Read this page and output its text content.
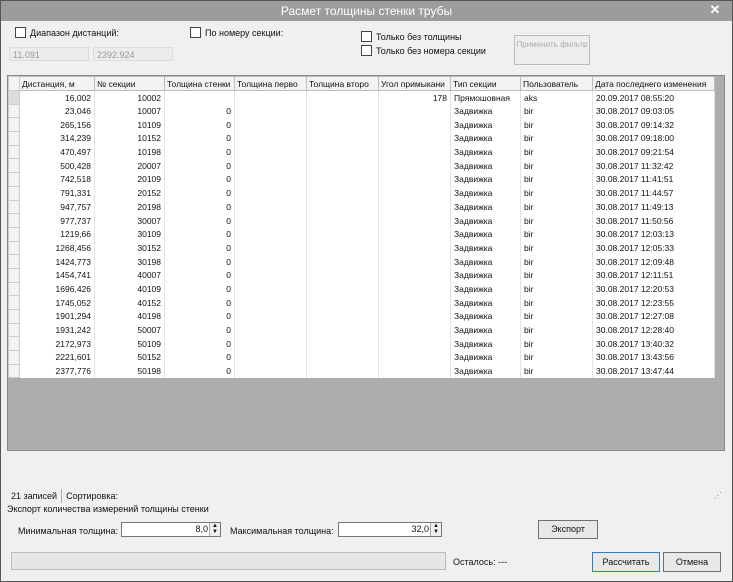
Расмет толщины стенки трубы	✕
Диапазон дистанций:
11.091	2392.924
По номеру секции:	Только без толщины
Только без номера секции
Применить фильтр
	Дистанция, м	№ секции	Толщина стенки	Толщина перво	Толщина второ	Угол примыкани	Тип секции	Пользователь	Дата последнего изменения
	16,002	10002				178	Прямошовная	aks	20.09.2017 08:55:20
	23,046	10007	0				Задвижка	bir	30.08.2017 09:03:05
	265,156	10109	0				Задвижка	bir	30.08.2017 09:14:32
	314,239	10152	0				Задвижка	bir	30.08.2017 09:18:00
	470,497	10198	0				Задвижка	bir	30.08.2017 09:21:54
	500,428	20007	0				Задвижка	bir	30.08.2017 11:32:42
	742,518	20109	0				Задвижка	bir	30.08.2017 11:41:51
	791,331	20152	0				Задвижка	bir	30.08.2017 11:44:57
	947,757	20198	0				Задвижка	bir	30.08.2017 11:49:13
	977,737	30007	0				Задвижка	bir	30.08.2017 11:50:56
	1219,66	30109	0				Задвижка	bir	30.08.2017 12:03:13
	1268,456	30152	0				Задвижка	bir	30.08.2017 12:05:33
	1424,773	30198	0				Задвижка	bir	30.08.2017 12:09:48
	1454,741	40007	0				Задвижка	bir	30.08.2017 12:11:51
	1696,426	40109	0				Задвижка	bir	30.08.2017 12:20:53
	1745,052	40152	0				Задвижка	bir	30.08.2017 12:23:55
	1901,294	40198	0				Задвижка	bir	30.08.2017 12:27:08
	1931,242	50007	0				Задвижка	bir	30.08.2017 12:28:40
	2172,973	50109	0				Задвижка	bir	30.08.2017 13:40:32
	2221,601	50152	0				Задвижка	bir	30.08.2017 13:43:56
	2377,776	50198	0				Задвижка	bir	30.08.2017 13:47:44
21 записей	Сортировка:	⋰
Экспорт количества измерений толщины стенки
Минимальная толщина:	8,0 ▲
▼ Максимальная толщина:	32,0 ▲
▼	Экспорт
Осталось: ---	Рассчитать	Отмена
